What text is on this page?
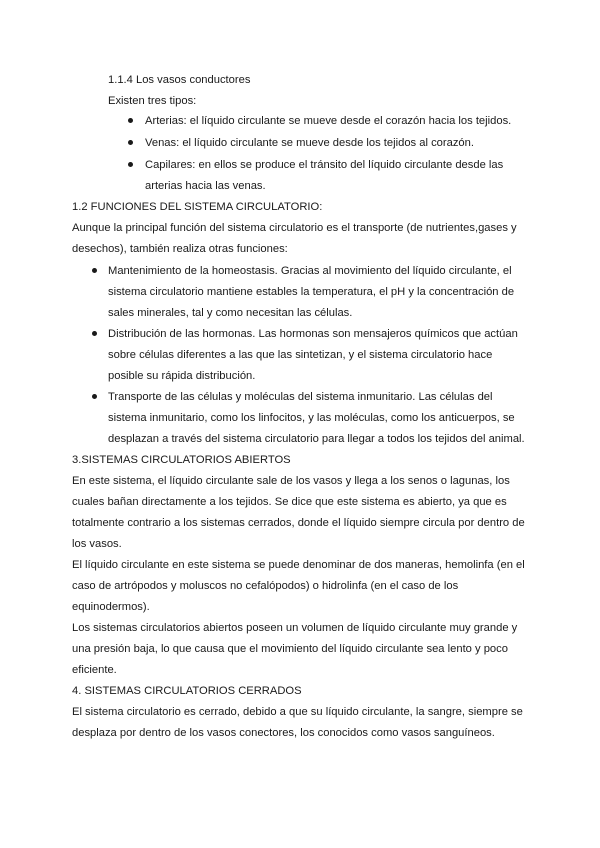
1.1.4 Los vasos conductores
Existen tres tipos:
Arterias: el líquido circulante se mueve desde el corazón hacia los tejidos.
Venas: el líquido circulante se mueve desde los tejidos al corazón.
Capilares: en ellos se produce el tránsito del líquido circulante desde las
arterias hacia las venas.
1.2 FUNCIONES DEL SISTEMA CIRCULATORIO:
Aunque la principal función del sistema circulatorio es el transporte (de nutrientes,gases y
desechos), también realiza otras funciones:
Mantenimiento de la homeostasis. Gracias al movimiento del líquido circulante, el
sistema circulatorio mantiene estables la temperatura, el pH y la concentración de
sales minerales, tal y como necesitan las células.
Distribución de las hormonas. Las hormonas son mensajeros químicos que actúan
sobre células diferentes a las que las sintetizan, y el sistema circulatorio hace
posible su rápida distribución.
Transporte de las células y moléculas del sistema inmunitario. Las células del
sistema inmunitario, como los linfocitos, y las moléculas, como los anticuerpos, se
desplazan a través del sistema circulatorio para llegar a todos los tejidos del animal.
3.SISTEMAS CIRCULATORIOS ABIERTOS
En este sistema, el líquido circulante sale de los vasos y llega a los senos o lagunas, los
cuales bañan directamente a los tejidos. Se dice que este sistema es abierto, ya que es
totalmente contrario a los sistemas cerrados, donde el líquido siempre circula por dentro de
los vasos.
El líquido circulante en este sistema se puede denominar de dos maneras, hemolinfa (en el
caso de artrópodos y moluscos no cefalópodos) o hidrolinfa (en el caso de los
equinodermos).
Los sistemas circulatorios abiertos poseen un volumen de líquido circulante muy grande y
una presión baja, lo que causa que el movimiento del líquido circulante sea lento y poco
eficiente.
4. SISTEMAS CIRCULATORIOS CERRADOS
El sistema circulatorio es cerrado, debido a que su líquido circulante, la sangre, siempre se
desplaza por dentro de los vasos conectores, los conocidos como vasos sanguíneos.
